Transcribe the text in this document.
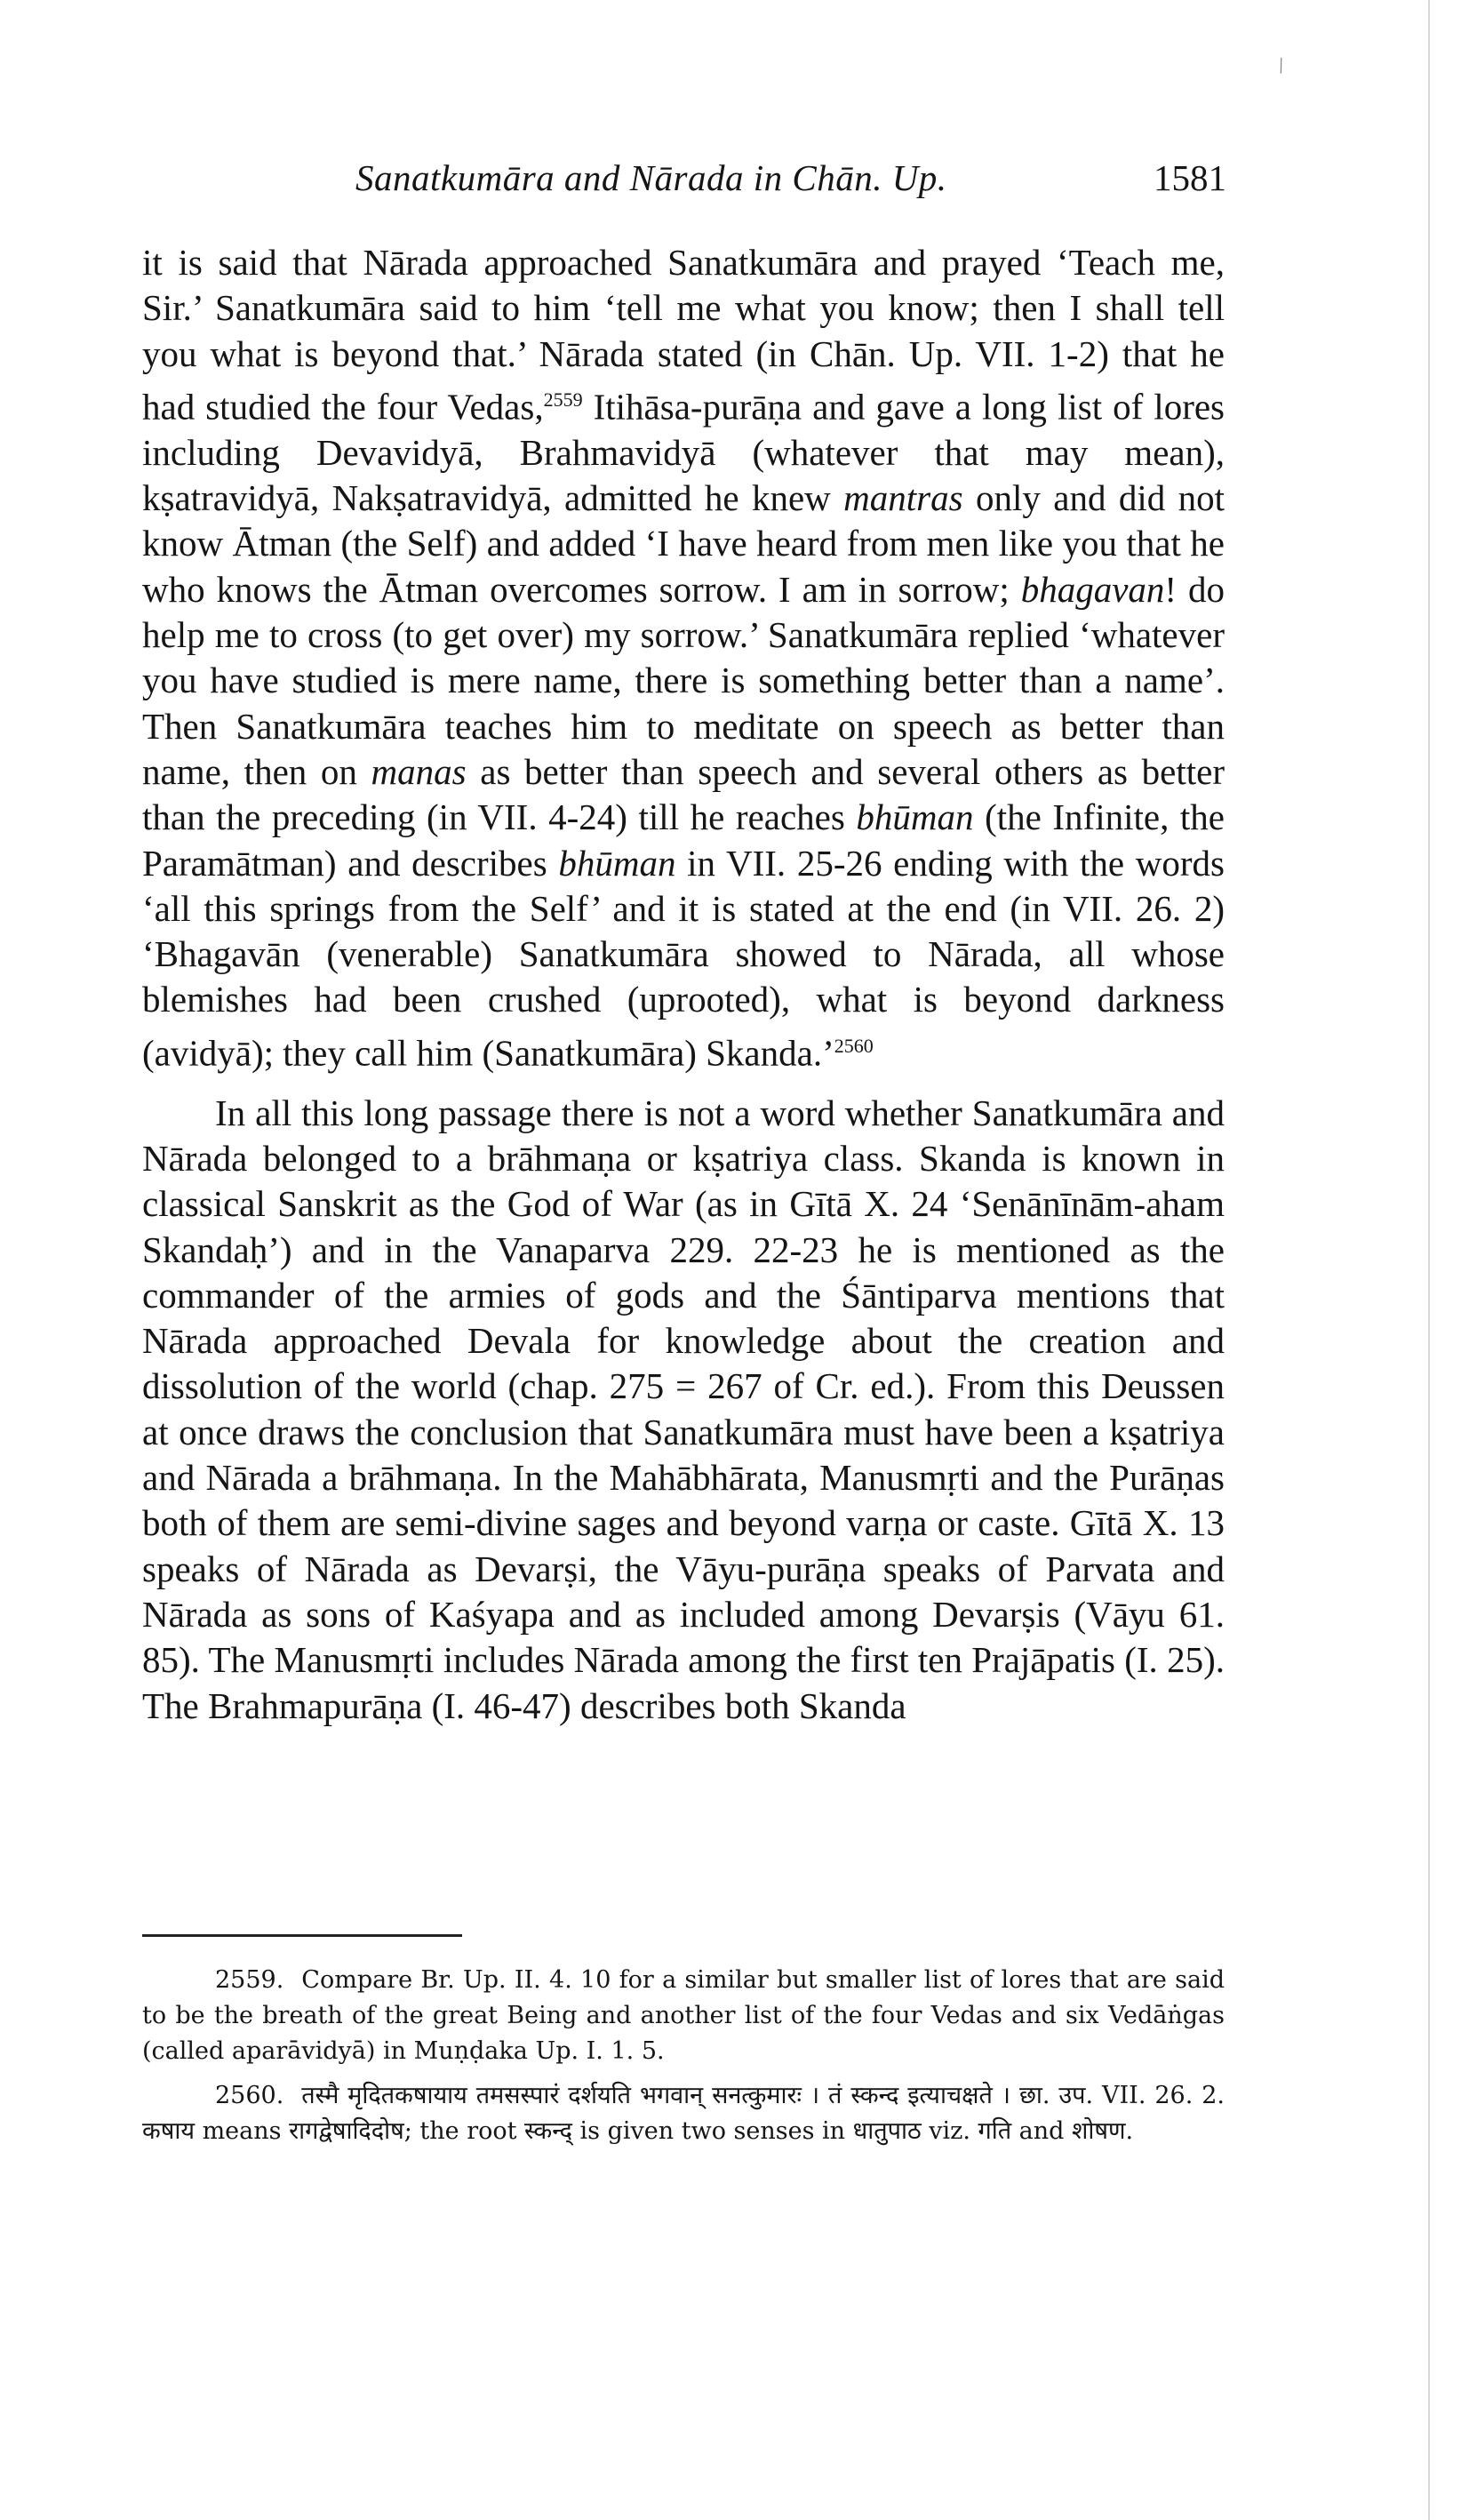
⁄
Sanatkumāra and Nārada in Chān. Up.	1581

it is said that Nārada approached Sanatkumāra and prayed ‘Teach me, Sir.’ Sanatkumāra said to him ‘tell me what you know; then I shall tell you what is beyond that.’ Nārada stated (in Chān. Up. VII. 1-2) that he had studied the four Vedas,$^{2559}$ Itihāsa-purāṇa and gave a long list of lores including Devavidyā, Brahmavidyā (whatever that may mean), kṣatravidyā, Nakṣatravidyā, admitted he knew mantras only and did not know Ātman (the Self) and added ‘I have heard from men like you that he who knows the Ātman overcomes sorrow. I am in sorrow; bhagavan! do help me to cross (to get over) my sorrow.’ Sanatkumāra replied ‘whatever you have studied is mere name, there is something better than a name’. Then Sanatkumāra teaches him to meditate on speech as better than name, then on manas as better than speech and several others as better than the preceding (in VII. 4-24) till he reaches bhūman (the Infinite, the Paramātman) and describes bhūman in VII. 25-26 ending with the words ‘all this springs from the Self’ and it is stated at the end (in VII. 26. 2) ‘Bhagavān (venerable) Sanatkumāra showed to Nārada, all whose blemishes had been crushed (uprooted), what is beyond darkness (avidyā); they call him (Sanatkumāra) Skanda.’$^{2560}$

In all this long passage there is not a word whether Sanatkumāra and Nārada belonged to a brāhmaṇa or kṣatriya class. Skanda is known in classical Sanskrit as the God of War (as in Gītā X. 24 ‘Senānīnām-aham Skandaḥ’) and in the Vanaparva 229. 22-23 he is mentioned as the commander of the armies of gods and the Śāntiparva mentions that Nārada approached Devala for knowledge about the creation and dissolution of the world (chap. 275 = 267 of Cr. ed.). From this Deussen at once draws the conclusion that Sanatkumāra must have been a kṣatriya and Nārada a brāhmaṇa. In the Mahābhārata, Manusmṛti and the Purāṇas both of them are semi-divine sages and beyond varṇa or caste. Gītā X. 13 speaks of Nārada as Devarṣi, the Vāyu-purāṇa speaks of Parvata and Nārada as sons of Kaśyapa and as included among Devarṣis (Vāyu 61. 85). The Manusmṛti includes Nārada among the first ten Prajāpatis (I. 25). The Brahmapurāṇa (I. 46-47) describes both Skanda

2559. Compare Br. Up. II. 4. 10 for a similar but smaller list of lores that are said to be the breath of the great Being and another list of the four Vedas and six Vedāṅgas (called aparāvidyā) in Muṇḍaka Up. I. 1. 5.

2560. तस्मै मृदितकषायाय तमसस्पारं दर्शयति भगवान् सनत्कुमारः । तं स्कन्द इत्याचक्षते । छा. उप. VII. 26. 2. कषाय means रागद्वेषादिदोष; the root स्कन्द् is given two senses in धातुपाठ viz. गति and शोषण.
